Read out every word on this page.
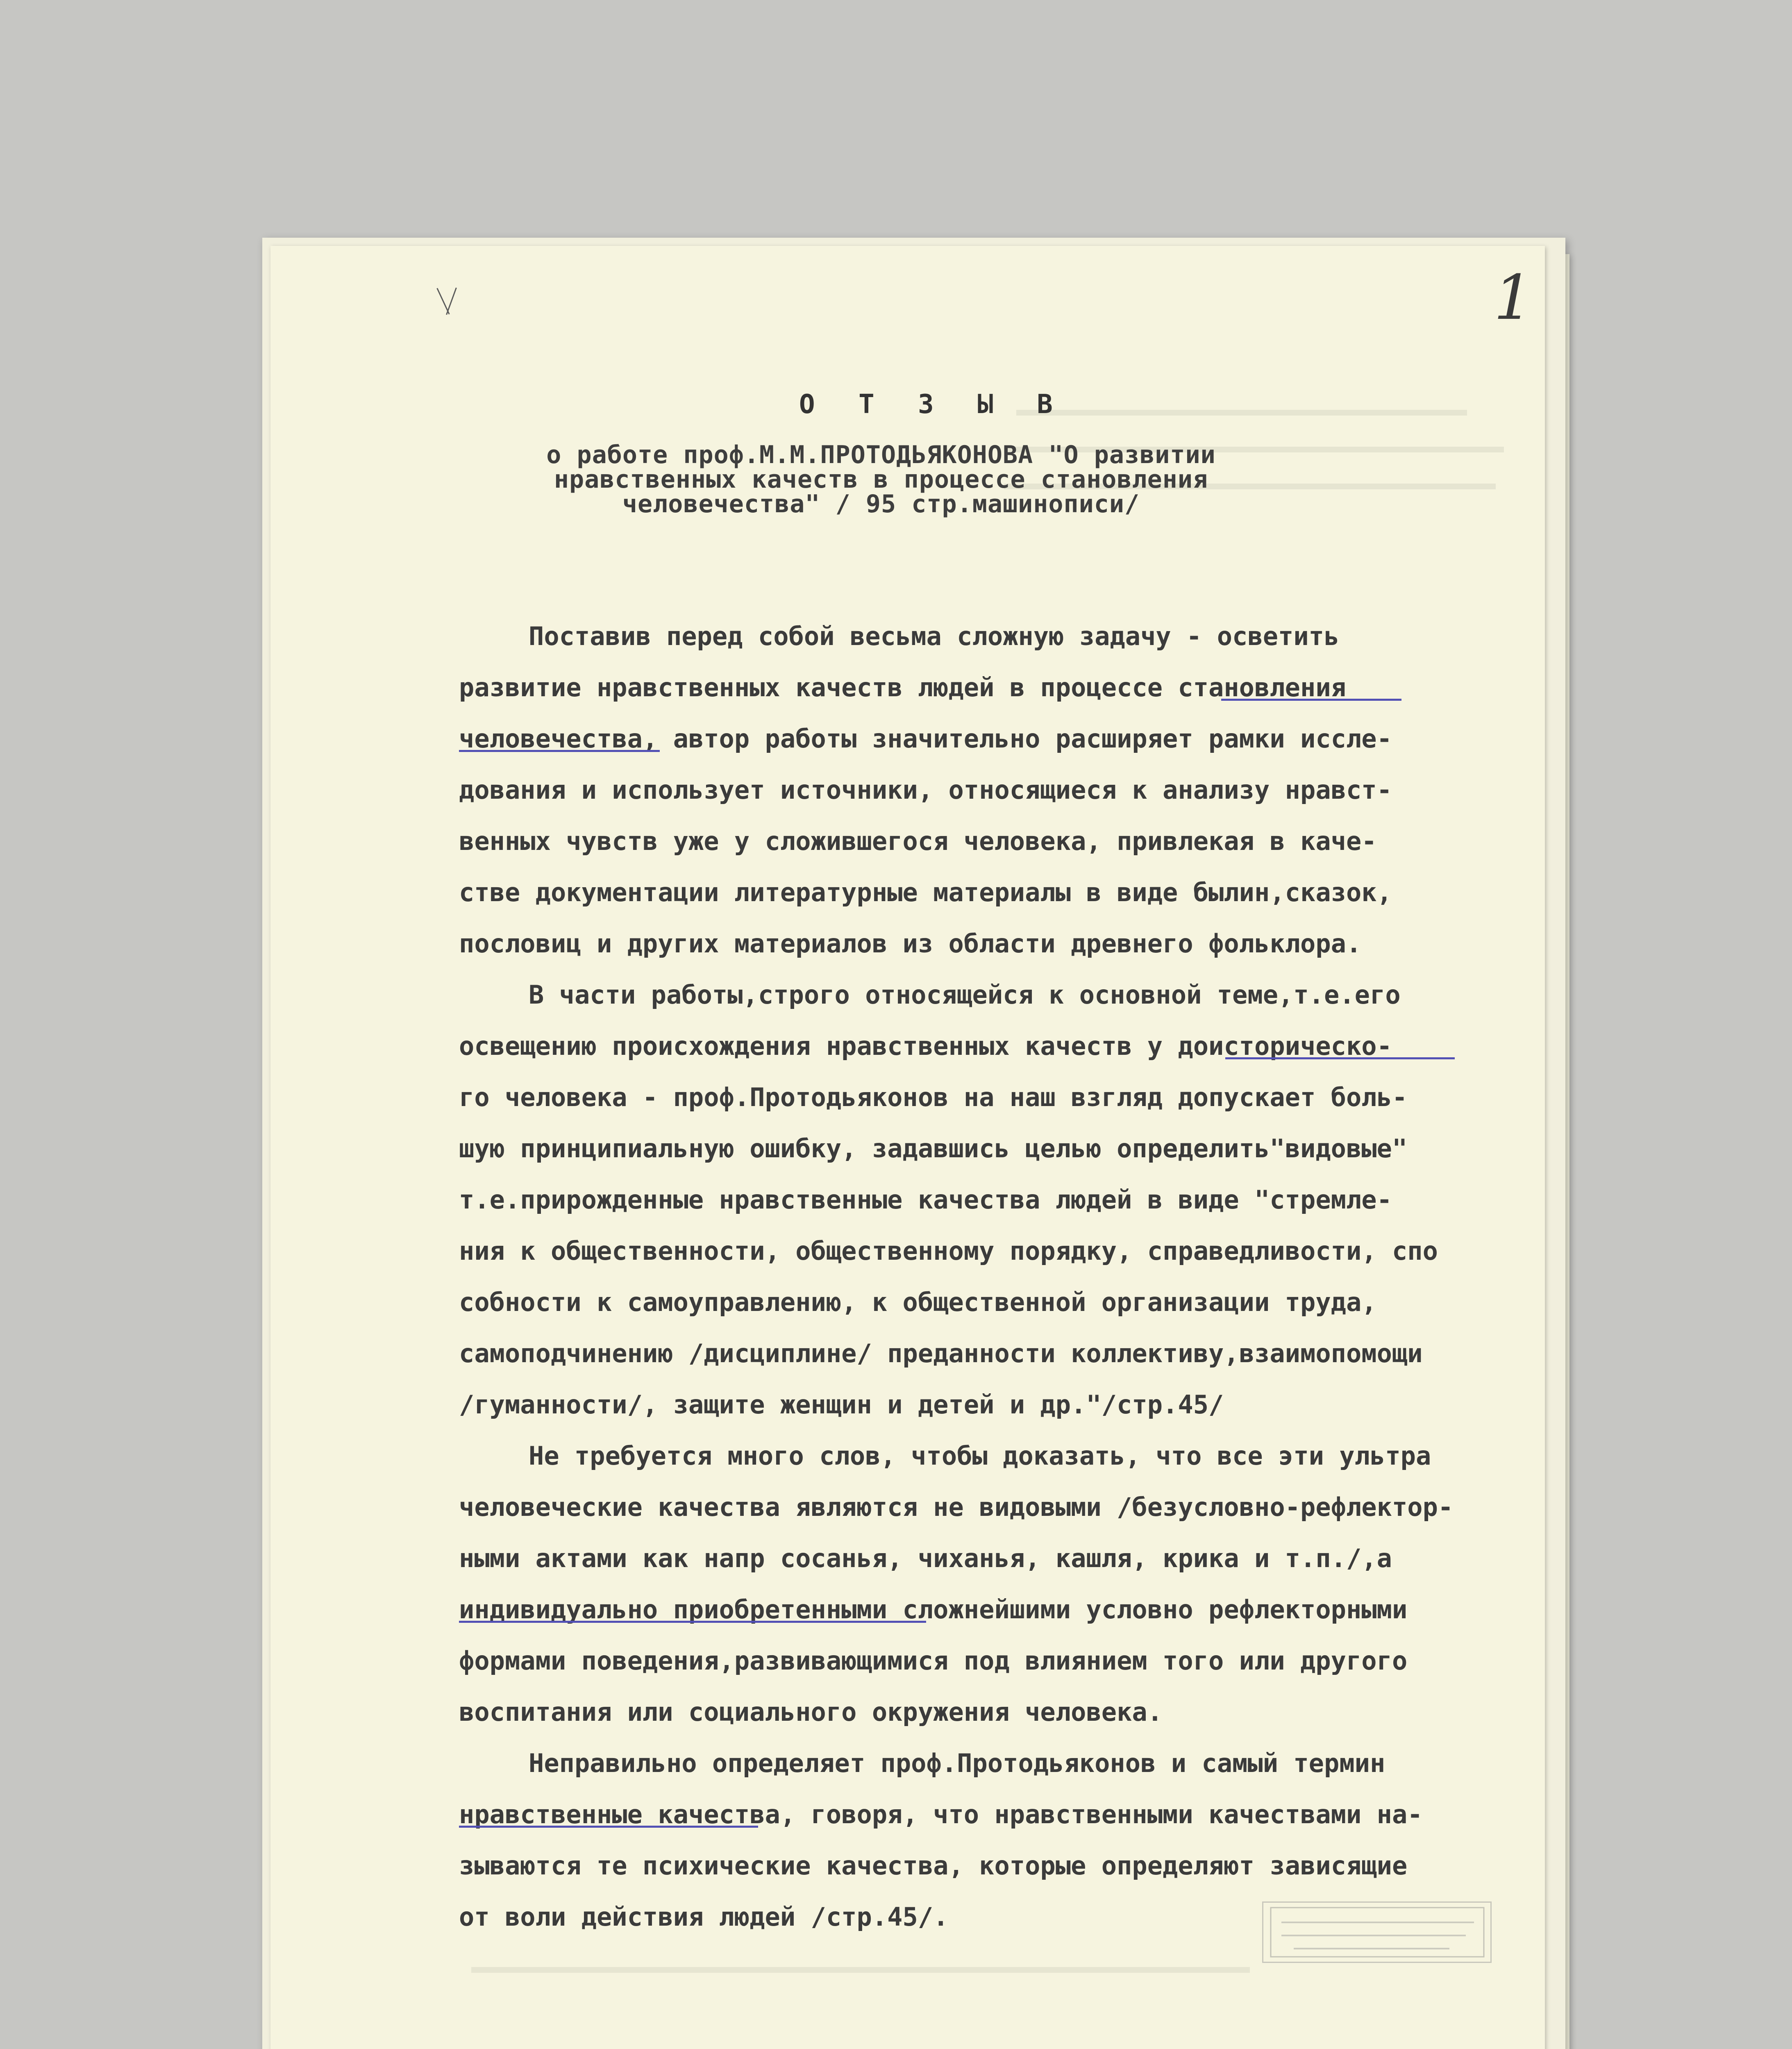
1
О Т З Ы В
о работе проф.М.М.ПРОТОДЬЯКОНОВА "О развитии
нравственных качеств в процессе становления
человечества" / 95 стр.машинописи/
Поставив перед собой весьма сложную задачу - осветить
развитие нравственных качеств людей в процессе становления
человечества, автор работы значительно расширяет рамки иссле-
дования и использует источники, относящиеся к анализу нравст-
венных чувств уже у сложившегося человека, привлекая в каче-
стве документации литературные материалы в виде былин,сказок,
пословиц и других материалов из области древнего фольклора.
В части работы,строго относящейся к основной теме,т.е.его
освещению происхождения нравственных качеств у доисторическо-
го человека - проф.Протодьяконов на наш взгляд допускает боль-
шую принципиальную ошибку, задавшись целью определить"видовые"
т.е.прирожденные нравственные качества людей в виде "стремле-
ния к общественности, общественному порядку, справедливости, спо
собности к самоуправлению, к общественной организации труда,
самоподчинению /дисциплине/ преданности коллективу,взаимопомощи
/гуманности/, защите женщин и детей и др."/стр.45/
Не требуется много слов, чтобы доказать, что все эти ультра
человеческие качества являются не видовыми /безусловно-рефлектор-
ными актами как напр сосанья, чиханья, кашля, крика и т.п./,а
индивидуально приобретенными сложнейшими условно рефлекторными
формами поведения,развивающимися под влиянием того или другого
воспитания или социального окружения человека.
Неправильно определяет проф.Протодьяконов и самый термин
нравственные качества, говоря, что нравственными качествами на-
зываются те психические качества, которые определяют зависящие
от воли действия людей /стр.45/.
